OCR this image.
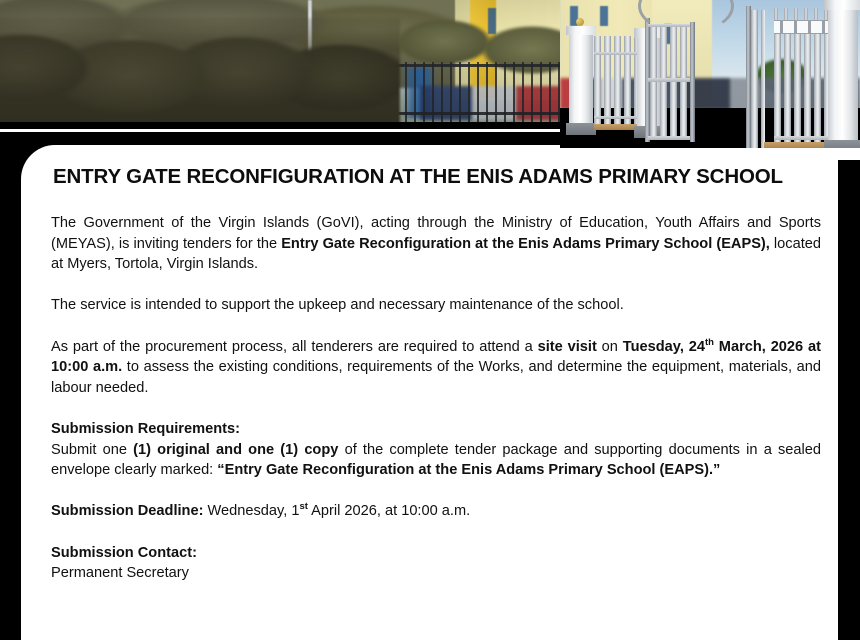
ENTRY GATE RECONFIGURATION AT THE ENIS ADAMS PRIMARY SCHOOL

The Government of the Virgin Islands (GoVI), acting through the Ministry of Education, Youth Affairs and Sports (MEYAS), is inviting tenders for the Entry Gate Reconfiguration at the Enis Adams Primary School (EAPS), located at Myers, Tortola, Virgin Islands.

The service is intended to support the upkeep and necessary maintenance of the school.

As part of the procurement process, all tenderers are required to attend a site visit on Tuesday, 24th March, 2026 at 10:00 a.m. to assess the existing conditions, requirements of the Works, and determine the equipment, materials, and labour needed.

Submission Requirements:

Submit one (1) original and one (1) copy of the complete tender package and supporting documents in a sealed envelope clearly marked: “Entry Gate Reconfiguration at the Enis Adams Primary School (EAPS).”

Submission Deadline: Wednesday, 1st April 2026, at 10:00 a.m.

Submission Contact:

Permanent Secretary
